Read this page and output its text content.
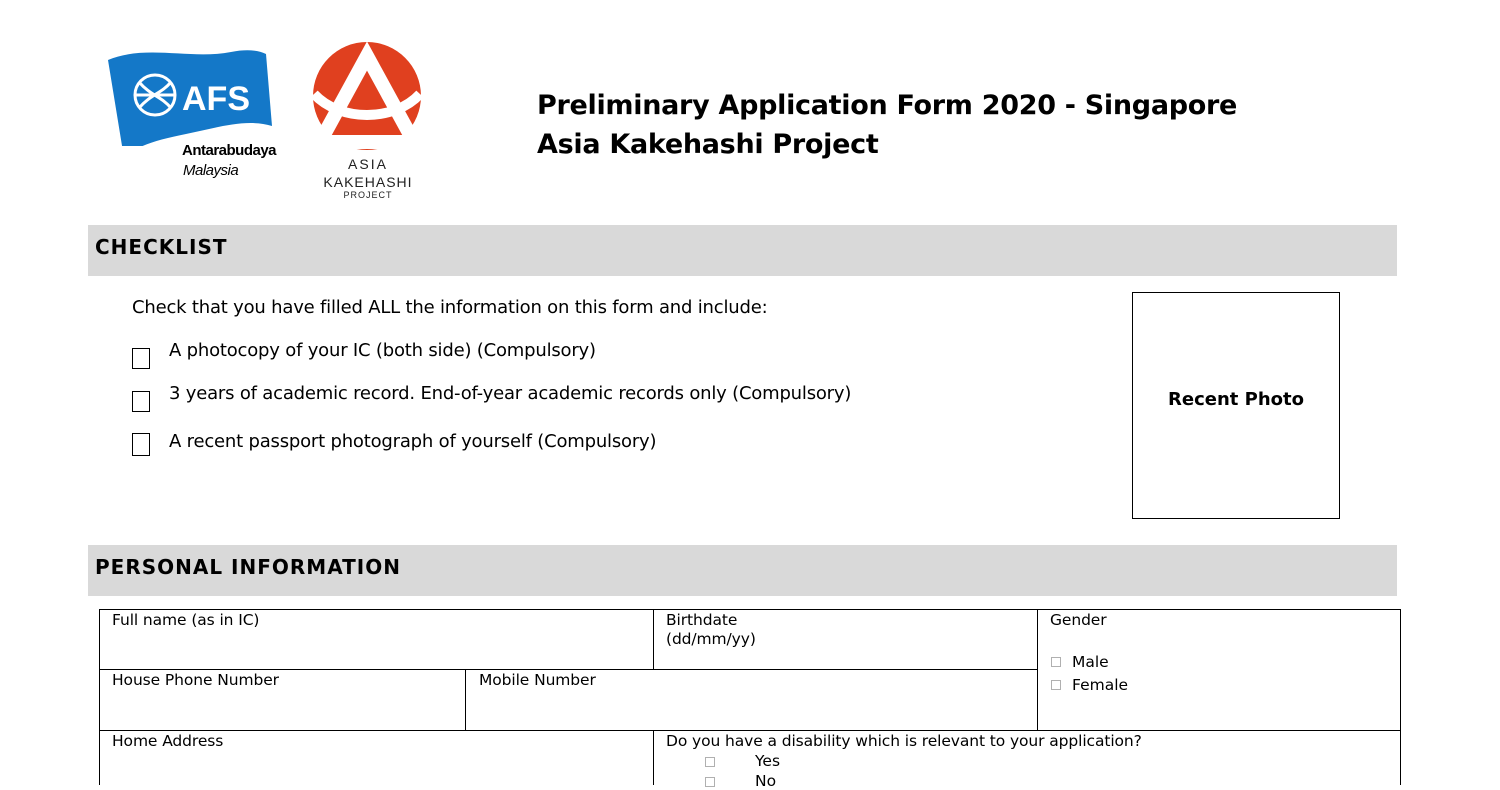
AFS
Antarabudaya
Malaysia	ASIA
KAKEHASHI
PROJECT
Preliminary Application Form 2020 - Singapore
Asia Kakehashi Project
CHECKLIST
Check that you have filled ALL the information on this form and include:
A photocopy of your IC (both side) (Compulsory)
3 years of academic record. End-of-year academic records only (Compulsory)
A recent passport photograph of yourself (Compulsory)
Recent Photo
PERSONAL INFORMATION
Full name (as in IC)	Birthdate
(dd/mm/yy)
Gender
Male
Female
House Phone Number	Mobile Number
Home Address	Do you have a disability which is relevant to your application?
Yes
No
